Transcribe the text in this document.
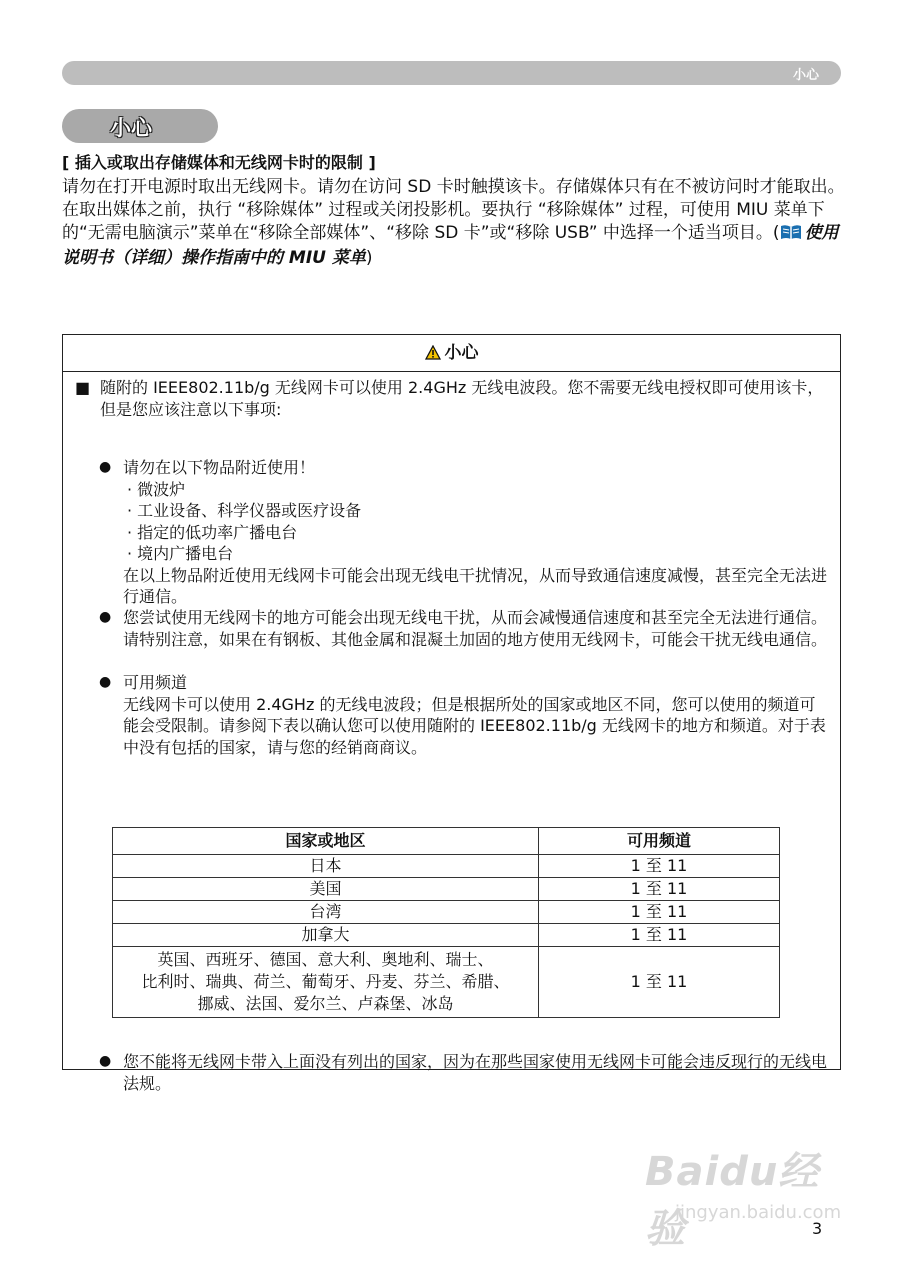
小心
小心
[ 插入或取出存储媒体和无线网卡时的限制 ]

请勿在打开电源时取出无线网卡。请勿在访问 SD 卡时触摸该卡。存储媒体只有在不被访问时才能取出。

在取出媒体之前，执行 “移除媒体” 过程或关闭投影机。要执行 “移除媒体” 过程，可使用 MIU 菜单下的“无需电脑演示”菜单在“移除全部媒体”、“移除 SD 卡”或“移除 USB” 中选择一个适当项目。( 使用说明书（详细）操作指南中的 MIU 菜单)

小心
■ 随附的 IEEE802.11b/g 无线网卡可以使用 2.4GHz 无线电波段。您不需要无线电授权即可使用该卡，但是您应该注意以下事项:
● 请勿在以下物品附近使用！
· 微波炉
· 工业设备、科学仪器或医疗设备
· 指定的低功率广播电台
· 境内广播电台
在以上物品附近使用无线网卡可能会出现无线电干扰情况，从而导致通信速度减慢，甚至完全无法进行通信。
● 您尝试使用无线网卡的地方可能会出现无线电干扰，从而会减慢通信速度和甚至完全无法进行通信。请特别注意，如果在有钢板、其他金属和混凝土加固的地方使用无线网卡，可能会干扰无线电通信。
● 可用频道
无线网卡可以使用 2.4GHz 的无线电波段；但是根据所处的国家或地区不同，您可以使用的频道可能会受限制。请参阅下表以确认您可以使用随附的 IEEE802.11b/g 无线网卡的地方和频道。对于表中没有包括的国家，请与您的经销商商议。
国家或地区	可用频道
日本	1 至 11
美国	1 至 11
台湾	1 至 11
加拿大	1 至 11

英国、西班牙、德国、意大利、奥地利、瑞士、
比利时、瑞典、荷兰、葡萄牙、丹麦、芬兰、希腊、
挪威、法国、爱尔兰、卢森堡、冰岛	1 至 11
● 您不能将无线网卡带入上面没有列出的国家，因为在那些国家使用无线网卡可能会违反现行的无线电法规。
Baidu经验
jingyan.baidu.com
3
